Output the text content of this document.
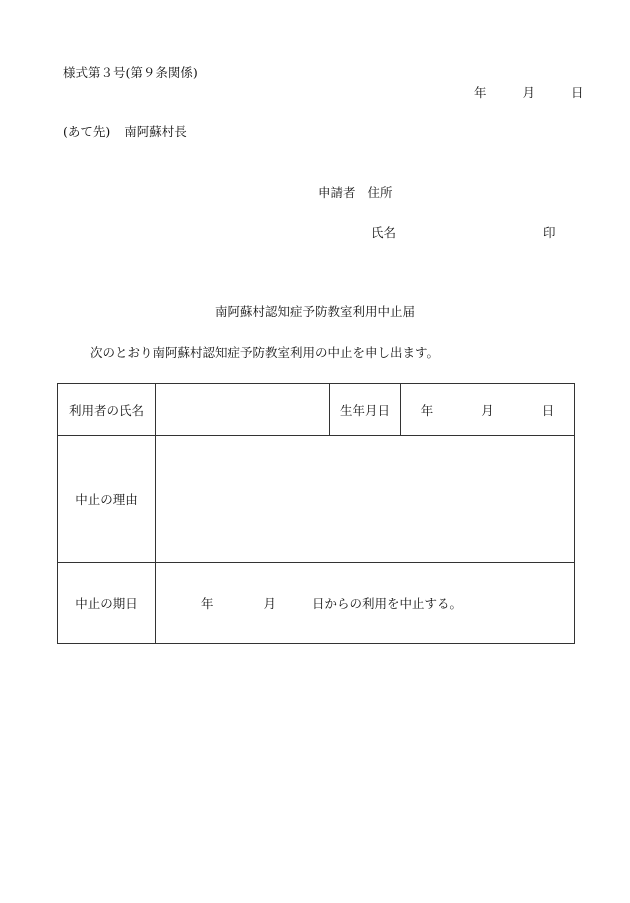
様式第３号(第９条関係)
年	月	日
(あて先) 南阿蘇村長
申請者 住所
氏名	印
南阿蘇村認知症予防教室利用中止届
次のとおり南阿蘇村認知症予防教室利用の中止を申し出ます。
利用者の氏名		生年月日	年 月 日
中止の理由			
中止の期日	年 月 日からの利用を中止する。		
